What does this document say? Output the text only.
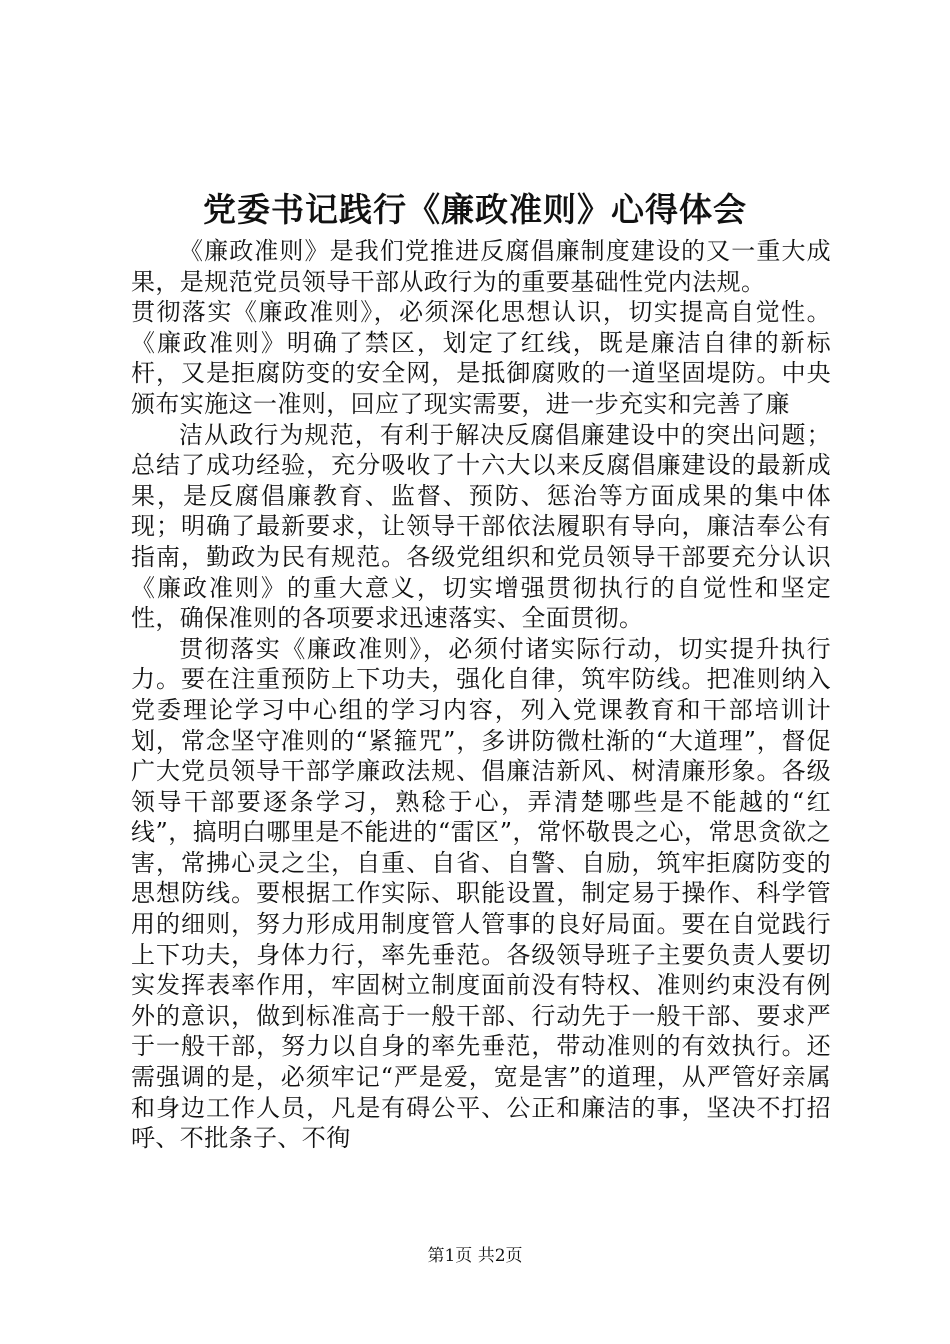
党委书记践行《廉政准则》心得体会

《廉政准则》是我们党推进反腐倡廉制度建设的又一重大成果，是规范党员领导干部从政行为的重要基础性党内法规。

贯彻落实《廉政准则》，必须深化思想认识，切实提高自觉性。《廉政准则》明确了禁区，划定了红线，既是廉洁自律的新标杆，又是拒腐防变的安全网，是抵御腐败的一道坚固堤防。中央颁布实施这一准则，回应了现实需要，进一步充实和完善了廉

洁从政行为规范，有利于解决反腐倡廉建设中的突出问题；总结了成功经验，充分吸收了十六大以来反腐倡廉建设的最新成果，是反腐倡廉教育、监督、预防、惩治等方面成果的集中体现；明确了最新要求，让领导干部依法履职有导向，廉洁奉公有指南，勤政为民有规范。各级党组织和党员领导干部要充分认识《廉政准则》的重大意义，切实增强贯彻执行的自觉性和坚定性，确保准则的各项要求迅速落实、全面贯彻。

贯彻落实《廉政准则》，必须付诸实际行动，切实提升执行力。要在注重预防上下功夫，强化自律，筑牢防线。把准则纳入党委理论学习中心组的学习内容，列入党课教育和干部培训计划，常念坚守准则的“紧箍咒”，多讲防微杜渐的“大道理”，督促广大党员领导干部学廉政法规、倡廉洁新风、树清廉形象。各级领导干部要逐条学习，熟稔于心，弄清楚哪些是不能越的“红线”，搞明白哪里是不能进的“雷区”，常怀敬畏之心，常思贪欲之害，常拂心灵之尘，自重、自省、自警、自励，筑牢拒腐防变的思想防线。要根据工作实际、职能设置，制定易于操作、科学管用的细则，努力形成用制度管人管事的良好局面。要在自觉践行上下功夫，身体力行，率先垂范。各级领导班子主要负责人要切实发挥表率作用，牢固树立制度面前没有特权、准则约束没有例外的意识，做到标准高于一般干部、行动先于一般干部、要求严于一般干部，努力以自身的率先垂范，带动准则的有效执行。还需强调的是，必须牢记“严是爱，宽是害”的道理，从严管好亲属和身边工作人员，凡是有碍公平、公正和廉洁的事，坚决不打招呼、不批条子、不徇

第1页 共2页
